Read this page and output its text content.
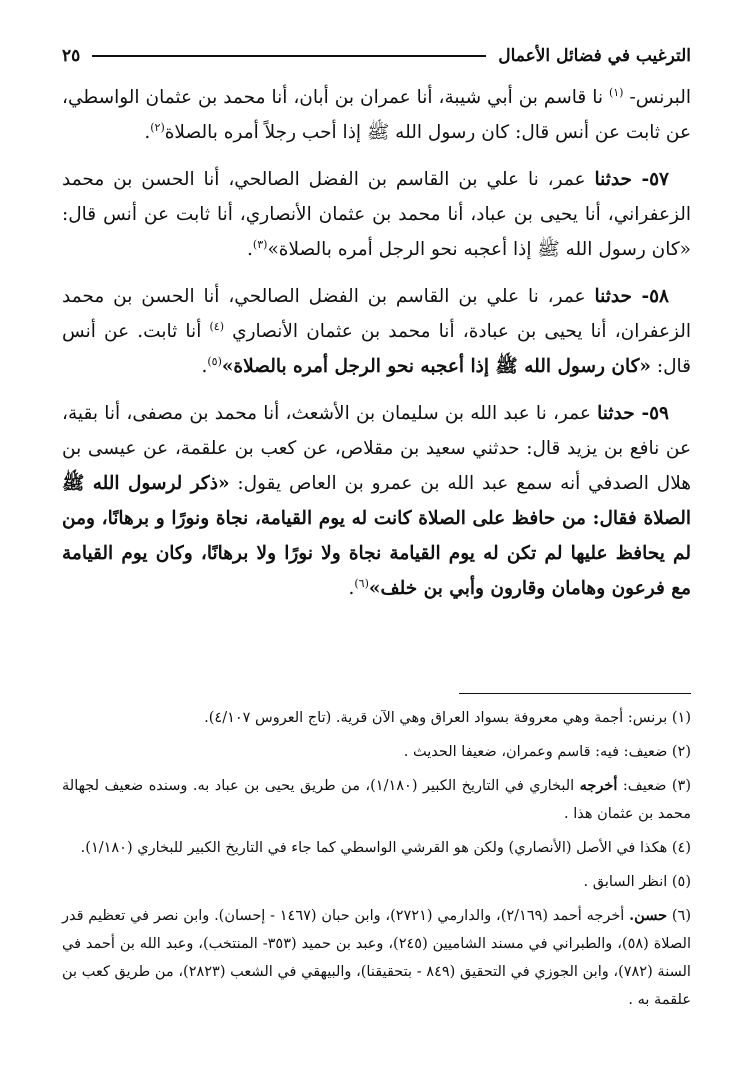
الترغيب في فضائل الأعمال
٢٥

البرنس- $^{(١)}$ نا قاسم بن أبي شيبة، أنا عمران بن أبان، أنا محمد بن عثمان الواسطي، عن ثابت عن أنس قال: كان رسول الله ﷺ إذا أحب رجلاً أمره بالصلاة$^{(٢)}$.

٥٧- حدثنا عمر، نا علي بن القاسم بن الفضل الصالحي، أنا الحسن بن محمد الزعفراني، أنا يحيى بن عباد، أنا محمد بن عثمان الأنصاري، أنا ثابت عن أنس قال: «كان رسول الله ﷺ إذا أعجبه نحو الرجل أمره بالصلاة»$^{(٣)}$.

٥٨- حدثنا عمر، نا علي بن القاسم بن الفضل الصالحي، أنا الحسن بن محمد الزعفران، أنا يحيى بن عبادة، أنا محمد بن عثمان الأنصاري $^{(٤)}$ أنا ثابت. عن أنس قال: «كان رسول الله ﷺ إذا أعجبه نحو الرجل أمره بالصلاة»$^{(٥)}$.

٥٩- حدثنا عمر، نا عبد الله بن سليمان بن الأشعث، أنا محمد بن مصفى، أنا بقية، عن نافع بن يزيد قال: حدثني سعيد بن مقلاص، عن كعب بن علقمة، عن عيسى بن هلال الصدفي أنه سمع عبد الله بن عمرو بن العاص يقول: «ذكر لرسول الله ﷺ الصلاة فقال: من حافظ على الصلاة كانت له يوم القيامة، نجاة ونورًا و برهانًا، ومن لم يحافظ عليها لم تكن له يوم القيامة نجاة ولا نورًا ولا برهانًا، وكان يوم القيامة مع فرعون وهامان وقارون وأبي بن خلف»$^{(٦)}$.

(١) برنس: أجمة وهي معروفة بسواد العراق وهي الآن قرية. (تاج العروس ٤/١٠٧).

(٢) ضعيف: فيه: قاسم وعمران، ضعيفا الحديث .

(٣) ضعيف: أخرجه البخاري في التاريخ الكبير (١/١٨٠)، من طريق يحيى بن عباد به. وسنده ضعيف لجهالة محمد بن عثمان هذا .

(٤) هكذا في الأصل (الأنصاري) ولكن هو القرشي الواسطي كما جاء في التاريخ الكبير للبخاري (١/١٨٠).

(٥) انظر السابق .

(٦) حسن. أخرجه أحمد (٢/١٦٩)، والدارمي (٢٧٢١)، وابن حبان (١٤٦٧ - إحسان). وابن نصر في تعظيم قدر الصلاة (٥٨)، والطبراني في مسند الشاميين (٢٤٥)، وعبد بن حميد (٣٥٣- المنتخب)، وعبد الله بن أحمد في السنة (٧٨٢)، وابن الجوزي في التحقيق (٨٤٩ - بتحقيقنا)، والبيهقي في الشعب (٢٨٢٣)، من طريق كعب بن علقمة به .
